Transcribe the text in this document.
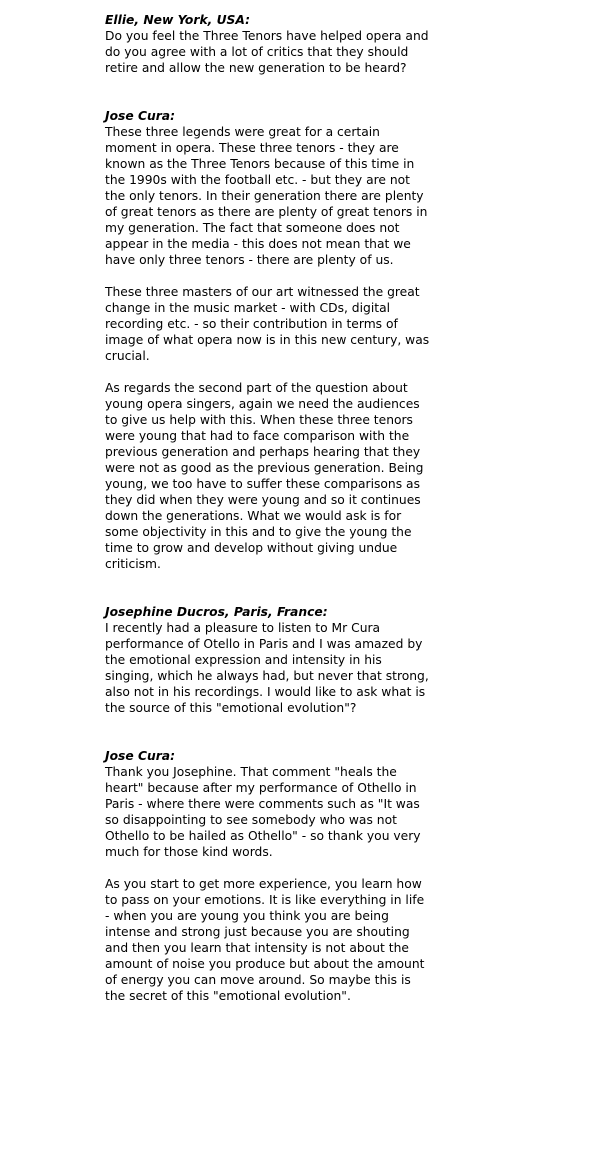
Ellie, New York, USA:
Do you feel the Three Tenors have helped opera and do you agree with a lot of critics that they should retire and allow the new generation to be heard?
Jose Cura:
These three legends were great for a certain moment in opera. These three tenors - they are known as the Three Tenors because of this time in the 1990s with the football etc. - but they are not the only tenors. In their generation there are plenty of great tenors as there are plenty of great tenors in my generation. The fact that someone does not appear in the media - this does not mean that we have only three tenors - there are plenty of us.
These three masters of our art witnessed the great change in the music market - with CDs, digital recording etc. - so their contribution in terms of image of what opera now is in this new century, was crucial.
As regards the second part of the question about young opera singers, again we need the audiences to give us help with this. When these three tenors were young that had to face comparison with the previous generation and perhaps hearing that they were not as good as the previous generation. Being young, we too have to suffer these comparisons as they did when they were young and so it continues down the generations. What we would ask is for some objectivity in this and to give the young the time to grow and develop without giving undue criticism.
Josephine Ducros, Paris, France:
I recently had a pleasure to listen to Mr Cura performance of Otello in Paris and I was amazed by the emotional expression and intensity in his singing, which he always had, but never that strong, also not in his recordings. I would like to ask what is the source of this "emotional evolution"?
Jose Cura:
Thank you Josephine. That comment "heals the heart" because after my performance of Othello in Paris - where there were comments such as "It was so disappointing to see somebody who was not Othello to be hailed as Othello" - so thank you very much for those kind words.
As you start to get more experience, you learn how to pass on your emotions. It is like everything in life - when you are young you think you are being intense and strong just because you are shouting and then you learn that intensity is not about the amount of noise you produce but about the amount of energy you can move around. So maybe this is the secret of this "emotional evolution".
